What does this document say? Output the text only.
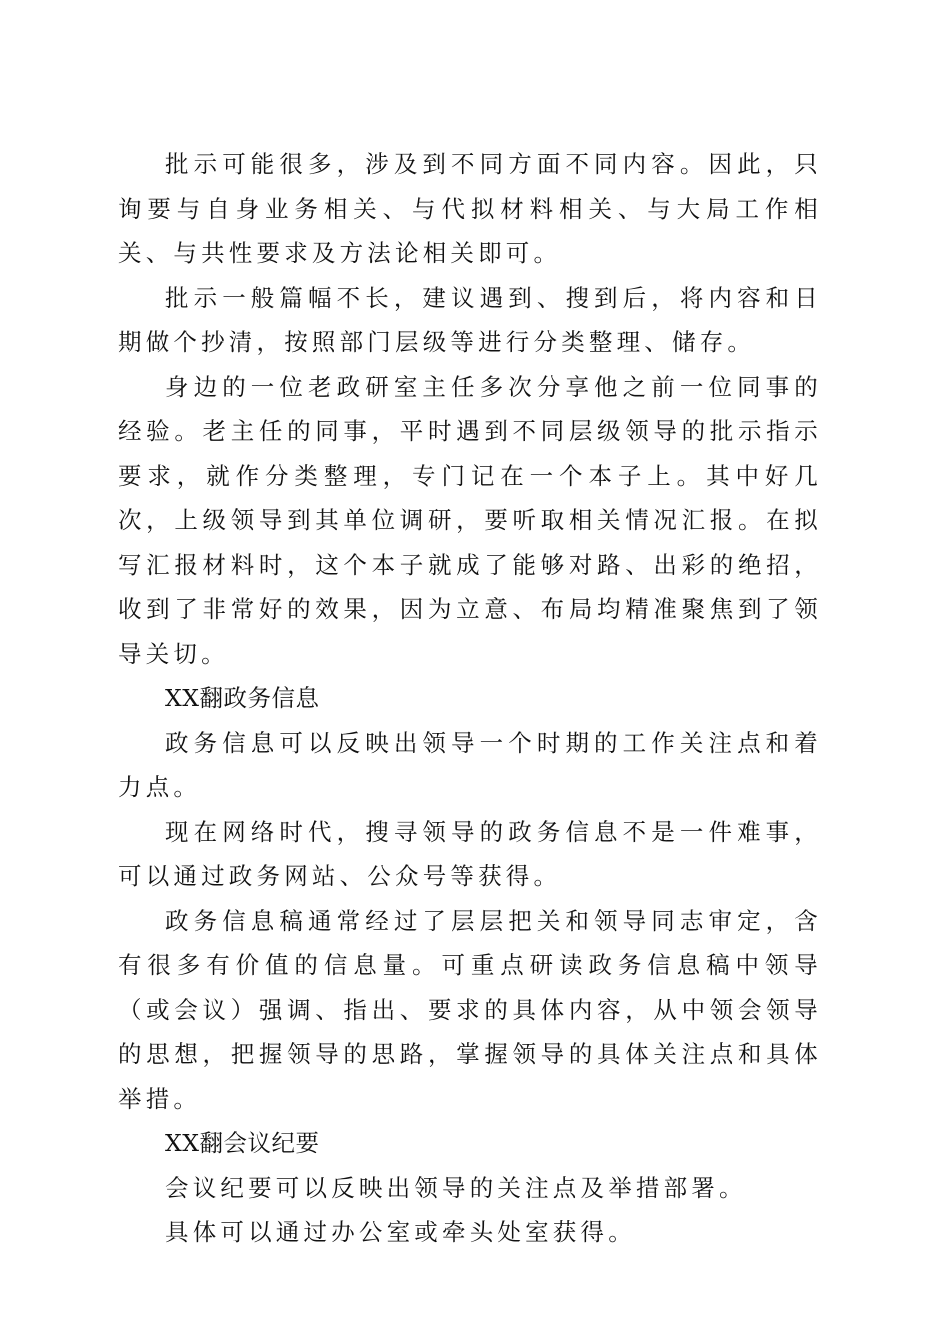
批示可能很多，涉及到不同方面不同内容。因此，只询要与自身业务相关、与代拟材料相关、与大局工作相关、与共性要求及方法论相关即可。

批示一般篇幅不长，建议遇到、搜到后，将内容和日期做个抄清，按照部门层级等进行分类整理、储存。

身边的一位老政研室主任多次分享他之前一位同事的经验。老主任的同事，平时遇到不同层级领导的批示指示要求，就作分类整理，专门记在一个本子上。其中好几次，上级领导到其单位调研，要听取相关情况汇报。在拟写汇报材料时，这个本子就成了能够对路、出彩的绝招，收到了非常好的效果，因为立意、布局均精准聚焦到了领导关切。

XX翻政务信息

政务信息可以反映出领导一个时期的工作关注点和着力点。

现在网络时代，搜寻领导的政务信息不是一件难事，可以通过政务网站、公众号等获得。

政务信息稿通常经过了层层把关和领导同志审定，含有很多有价值的信息量。可重点研读政务信息稿中领导（或会议）强调、指出、要求的具体内容，从中领会领导的思想，把握领导的思路，掌握领导的具体关注点和具体举措。

XX翻会议纪要

会议纪要可以反映出领导的关注点及举措部署。

具体可以通过办公室或牵头处室获得。
